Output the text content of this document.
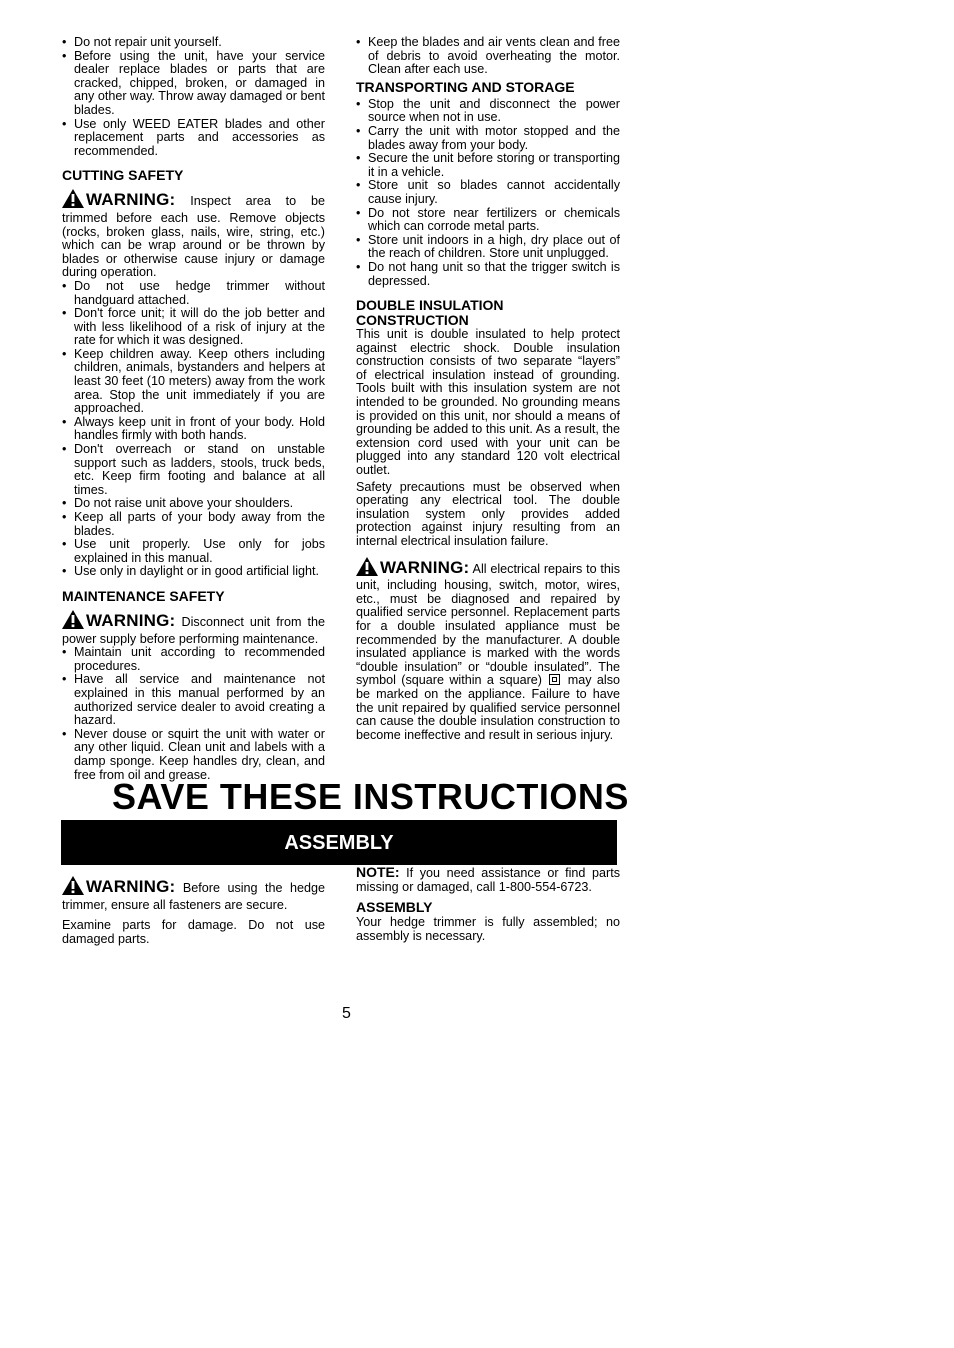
• Do not repair unit yourself.
• Before using the unit, have your service dealer replace blades or parts that are cracked, chipped, broken, or damaged in any other way. Throw away damaged or bent blades.
• Use only WEED EATER blades and other replacement parts and accessories as recommended.
CUTTING SAFETY

WARNING: Inspect area to be trimmed before each use. Remove objects (rocks, broken glass, nails, wire, string, etc.) which can be wrap around or be thrown by blades or otherwise cause injury or damage during operation.

• Do not use hedge trimmer without handguard attached.
• Don't force unit; it will do the job better and with less likelihood of a risk of injury at the rate for which it was designed.
• Keep children away. Keep others including children, animals, bystanders and helpers at least 30 feet (10 meters) away from the work area. Stop the unit immediately if you are approached.
• Always keep unit in front of your body. Hold handles firmly with both hands.
• Don't overreach or stand on unstable support such as ladders, stools, truck beds, etc. Keep firm footing and balance at all times.
• Do not raise unit above your shoulders.
• Keep all parts of your body away from the blades.
• Use unit properly. Use only for jobs explained in this manual.
• Use only in daylight or in good artificial light.
MAINTENANCE SAFETY

WARNING: Disconnect unit from the power supply before performing maintenance.

• Maintain unit according to recommended procedures.
• Have all service and maintenance not explained in this manual performed by an authorized service dealer to avoid creating a hazard.
• Never douse or squirt the unit with water or any other liquid. Clean unit and labels with a damp sponge. Keep handles dry, clean, and free from oil and grease.
• Keep the blades and air vents clean and free of debris to avoid overheating the motor. Clean after each use.
TRANSPORTING AND STORAGE
• Stop the unit and disconnect the power source when not in use.
• Carry the unit with motor stopped and the blades away from your body.
• Secure the unit before storing or transporting it in a vehicle.
• Store unit so blades cannot accidentally cause injury.
• Do not store near fertilizers or chemicals which can corrode metal parts.
• Store unit indoors in a high, dry place out of the reach of children. Store unit unplugged.
• Do not hang unit so that the trigger switch is depressed.
DOUBLE INSULATION
CONSTRUCTION

This unit is double insulated to help protect against electric shock. Double insulation construction consists of two separate “layers” of electrical insulation instead of grounding. Tools built with this insulation system are not intended to be grounded. No grounding means is provided on this unit, nor should a means of grounding be added to this unit. As a result, the extension cord used with your unit can be plugged into any standard 120 volt electrical outlet.

Safety precautions must be observed when operating any electrical tool. The double insulation system only provides added protection against injury resulting from an internal electrical insulation failure.

WARNING: All electrical repairs to this unit, including housing, switch, motor, wires, etc., must be diagnosed and repaired by qualified service personnel. Replacement parts for a double insulated appliance must be recommended by the manufacturer. A double insulated appliance is marked with the words “double insulation” or “double insulated”. The symbol (square within a square) may also be marked on the appliance. Failure to have the unit repaired by qualified service personnel can cause the double insulation construction to become ineffective and result in serious injury.

SAVE THESE INSTRUCTIONS
ASSEMBLY

WARNING: Before using the hedge trimmer, ensure all fasteners are secure.

Examine parts for damage. Do not use damaged parts.

NOTE: If you need assistance or find parts missing or damaged, call 1-800-554-6723.

ASSEMBLY

Your hedge trimmer is fully assembled; no assembly is necessary.

5
